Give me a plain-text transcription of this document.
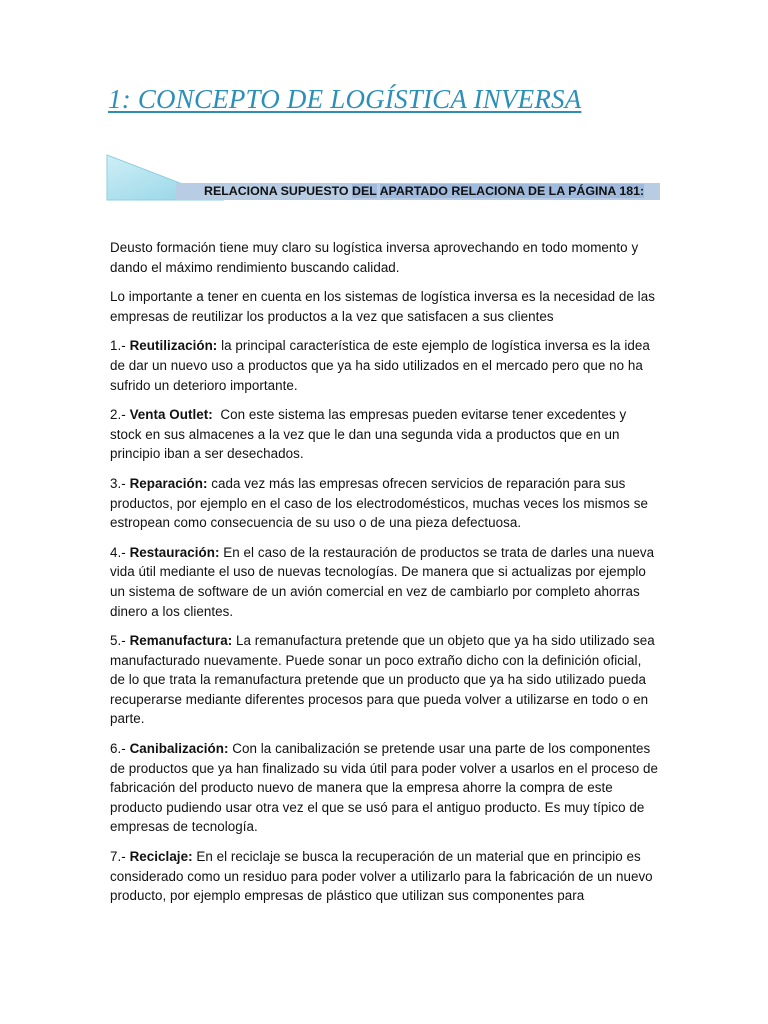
1: CONCEPTO DE LOGÍSTICA INVERSA
RELACIONA SUPUESTO DEL APARTADO RELACIONA DE LA PÁGINA 181:

Deusto formación tiene muy claro su logística inversa aprovechando en todo momento y dando el máximo rendimiento buscando calidad.

Lo importante a tener en cuenta en los sistemas de logística inversa es la necesidad de las empresas de reutilizar los productos a la vez que satisfacen a sus clientes

1.- Reutilización: la principal característica de este ejemplo de logística inversa es la idea de dar un nuevo uso a productos que ya ha sido utilizados en el mercado pero que no ha sufrido un deterioro importante.

2.- Venta Outlet:  Con este sistema las empresas pueden evitarse tener excedentes y stock en sus almacenes a la vez que le dan una segunda vida a productos que en un principio iban a ser desechados.

3.- Reparación: cada vez más las empresas ofrecen servicios de reparación para sus productos, por ejemplo en el caso de los electrodomésticos, muchas veces los mismos se estropean como consecuencia de su uso o de una pieza defectuosa.

4.- Restauración: En el caso de la restauración de productos se trata de darles una nueva vida útil mediante el uso de nuevas tecnologías. De manera que si actualizas por ejemplo un sistema de software de un avión comercial en vez de cambiarlo por completo ahorras dinero a los clientes.

5.- Remanufactura: La remanufactura pretende que un objeto que ya ha sido utilizado sea manufacturado nuevamente. Puede sonar un poco extraño dicho con la definición oficial, de lo que trata la remanufactura pretende que un producto que ya ha sido utilizado pueda recuperarse mediante diferentes procesos para que pueda volver a utilizarse en todo o en parte.

6.- Canibalización: Con la canibalización se pretende usar una parte de los componentes de productos que ya han finalizado su vida útil para poder volver a usarlos en el proceso de fabricación del producto nuevo de manera que la empresa ahorre la compra de este producto pudiendo usar otra vez el que se usó para el antiguo producto. Es muy típico de empresas de tecnología.

7.- Reciclaje: En el reciclaje se busca la recuperación de un material que en principio es considerado como un residuo para poder volver a utilizarlo para la fabricación de un nuevo producto, por ejemplo empresas de plástico que utilizan sus componentes para
